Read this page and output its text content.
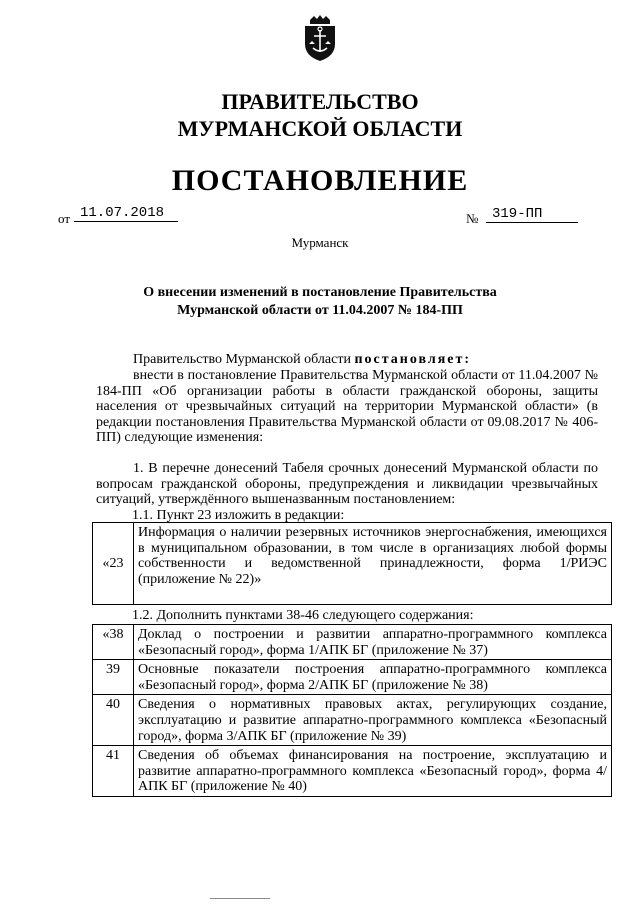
ПРАВИТЕЛЬСТВО
МУРМАНСКОЙ ОБЛАСТИ
ПОСТАНОВЛЕНИЕ
от 11.07.2018	№ 319-ПП
Мурманск
О внесении изменений в постановление Правительства
Мурманской области от 11.04.2007 № 184-ПП
Правительство Мурманской области постановляет:
внести в постановление Правительства Мурманской области от 11.04.2007 № 184-ПП «Об организации работы в области гражданской обороны, защиты населения от чрезвычайных ситуаций на территории Мурманской области» (в редакции постановления Правительства Мурманской области от 09.08.2017 № 406-ПП) следующие изменения:
1. В перечне донесений Табеля срочных донесений Мурманской области по вопросам гражданской обороны, предупреждения и ликвидации чрезвычайных ситуаций, утверждённого вышеназванным постановлением:
1.1. Пункт 23 изложить в редакции:
«23	Информация о наличии резервных источников энергоснабжения, имеющихся в муниципальном образовании, в том числе в организациях любой формы собственности и ведомственной принадлежности, форма 1/РИЭС (приложение № 22)»
1.2. Дополнить пунктами 38-46 следующего содержания:
«38	Доклад о построении и развитии аппаратно-программного комплекса «Безопасный город», форма 1/АПК БГ (приложение № 37)
39	Основные показатели построения аппаратно-программного комплекса «Безопасный город», форма 2/АПК БГ (приложение № 38)
40	Сведения о нормативных правовых актах, регулирующих создание, эксплуатацию и развитие аппаратно-программного комплекса «Безопасный город», форма 3/АПК БГ (приложение № 39)
41	Сведения об объемах финансирования на построение, эксплуатацию и развитие аппаратно-программного комплекса «Безопасный город», форма 4/АПК БГ (приложение № 40)
